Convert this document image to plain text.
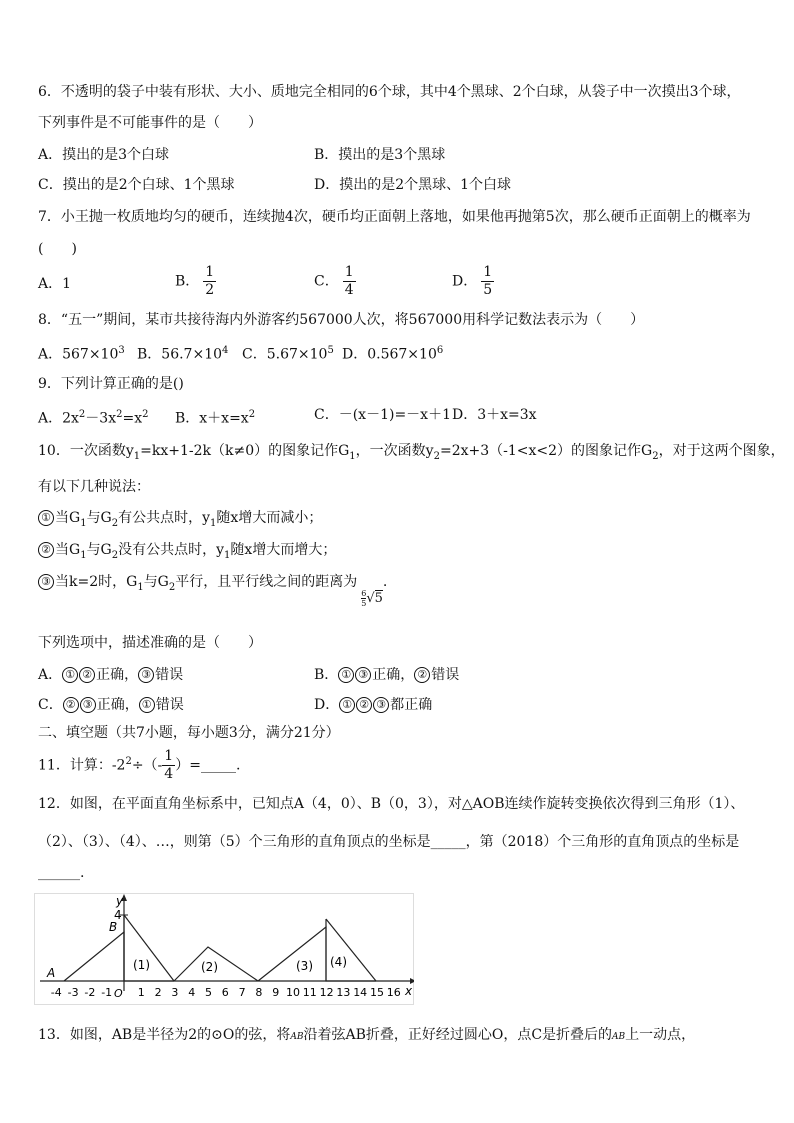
6．不透明的袋子中装有形状、大小、质地完全相同的6个球，其中4个黑球、2个白球，从袋子中一次摸出3个球，
下列事件是不可能事件的是（　　）
A．摸出的是3个白球	B．摸出的是3个黑球
C．摸出的是2个白球、1个黑球	D．摸出的是2个黑球、1个白球
7．小王抛一枚质地均匀的硬币，连续抛4次，硬币均正面朝上落地，如果他再抛第5次，那么硬币正面朝上的概率为
(　　)
A．1	B． $\frac{1}{2}$	C． $\frac{1}{4}$	D． $\frac{1}{5}$
8．“五一”期间，某市共接待海内外游客约567000人次，将567000用科学记数法表示为（　　）
A．$567\times 10^3$ B．$56.7\times 10^4$ C．$5.67\times 10^5$ D．$0.567\times 10^6$
9．下列计算正确的是()
A．$2x^2-3x^2=x^2$ B．$x+x=x^2$	C．－(x－1)=－x＋1 D．3＋x=3x
10．一次函数$y_1=kx+1-2k(k\ne 0)$的图象记作$G_1$，一次函数$y_2=2x+3(-1<x<2)$的图象记作$G_2$，对于这两个图象，
有以下几种说法：
① 当$G_1$与$G_2$有公共点时，$y_1$随x增大而减小；
② 当$G_1$与$G_2$没有公共点时，$y_1$随x增大而增大；
③ 当k=2时，$G_1$与$G_2$平行，且平行线之间的距离为
$\frac{6}{5} √5$.
下列选项中，描述准确的是（　　）
A． ① ② 正确， ③ 错误	B． ① ③ 正确， ② 错误
C． ② ③ 正确， ① 错误	D． ① ② ③ 都正确
二、填空题（共7小题，每小题3分，满分21分）
11．计算：$-2^2\div(- \frac{1}{4}$ ）=_____.
12．如图，在平面直角坐标系中，已知点A（4，0）、B（0，3），对△AOB连续作旋转变换依次得到三角形（1）、
（2）、（3）、（4）、…，则第（5）个三角形的直角顶点的坐标是_____，第（2018）个三角形的直角顶点的坐标是
______.
y
x
4
B
A
O
(1)	(2)	(3) (4)
-4 -3 -2 -1 1 2 3 4 5 6 7 8 9 10 11 12 13 14 15 16
13．如图，AB是半径为2的⊙O的弦，将AB沿着弦AB折叠，正好经过圆心O，点C是折叠后的AB上一动点，
